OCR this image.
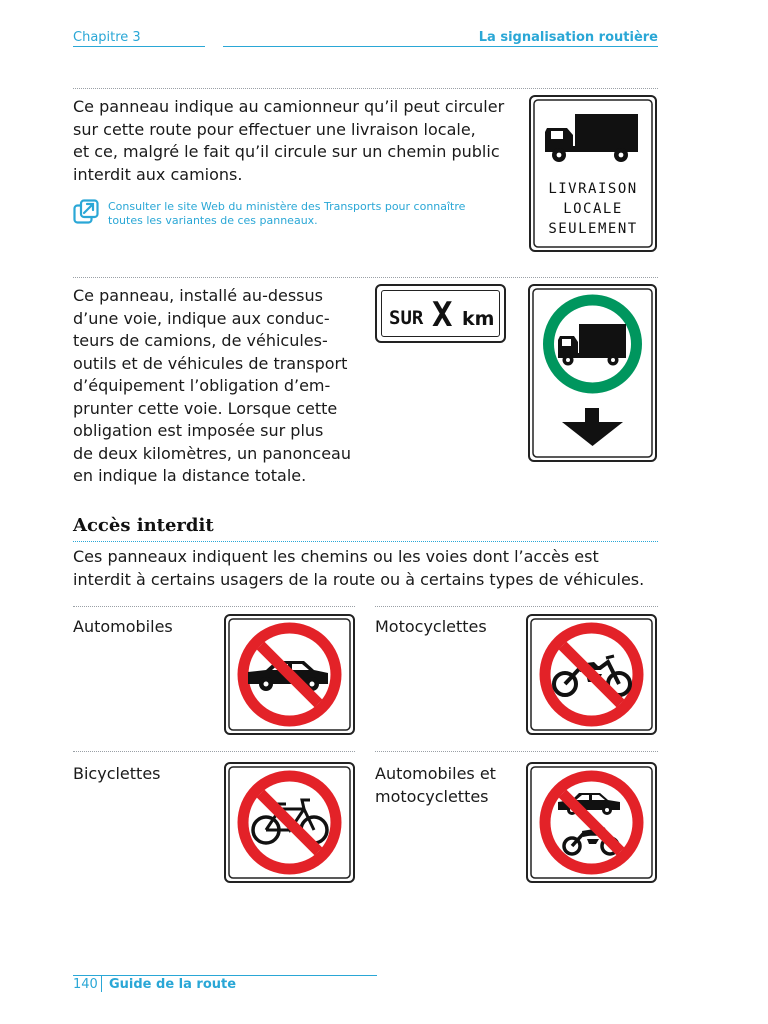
Chapitre 3	La signalisation routière
Ce panneau indique au camionneur qu’il peut circuler
sur cette route pour effectuer une livraison locale,
et ce, malgré le fait qu’il circule sur un chemin public
interdit aux camions.
Consulter le site Web du ministère des Transports pour connaître
toutes les variantes de ces panneaux.
LIVRAISON
LOCALE
SEULEMENT
Ce panneau, installé au-dessus
d’une voie, indique aux conduc-
teurs de camions, de véhicules-
outils et de véhicules de transport
d’équipement l’obligation d’em-
prunter cette voie. Lorsque cette
obligation est imposée sur plus
de deux kilomètres, un panonceau
en indique la distance totale.
SUR X km
Accès interdit
Ces panneaux indiquent les chemins ou les voies dont l’accès est
interdit à certains usagers de la route ou à certains types de véhicules.
Automobiles	Motocyclettes
Bicyclettes	Automobiles et
motocyclettes
140 Guide de la route
